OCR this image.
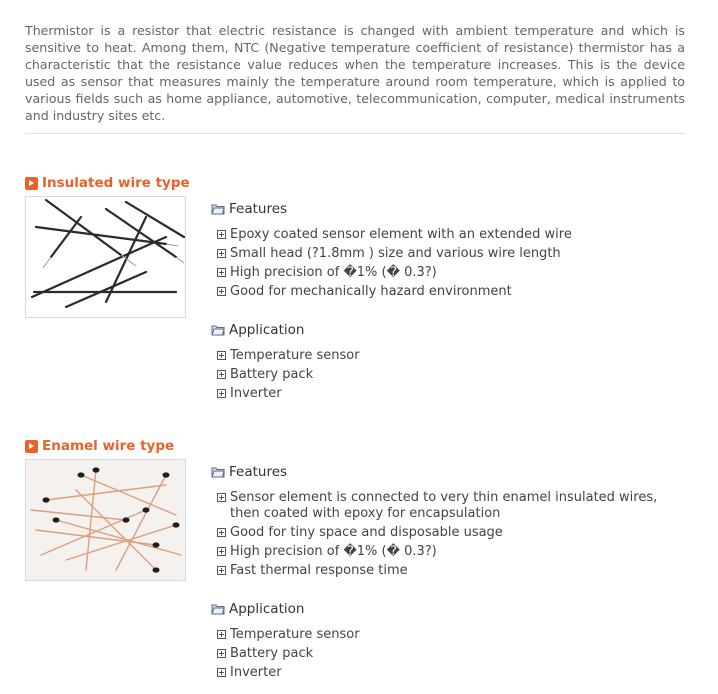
Thermistor is a resistor that electric resistance is changed with ambient temperature and which is sensitive to heat. Among them, NTC (Negative temperature coefficient of resistance) thermistor has a characteristic that the resistance value reduces when the temperature increases. This is the device used as sensor that measures mainly the temperature around room temperature, which is applied to various fields such as home appliance, automotive, telecommunication, computer, medical instruments and industry sites etc.

Insulated wire type
Features
Epoxy coated sensor element with an extended wire
Small head (?1.8mm ) size and various wire length
High precision of �1% (� 0.3?)
Good for mechanically hazard environment
Application
Temperature sensor
Battery pack
Inverter
Enamel wire type
Features
Sensor element is connected to very thin enamel insulated wires, then coated with epoxy for encapsulation
Good for tiny space and disposable usage
High precision of �1% (� 0.3?)
Fast thermal response time
Application
Temperature sensor
Battery pack
Inverter
